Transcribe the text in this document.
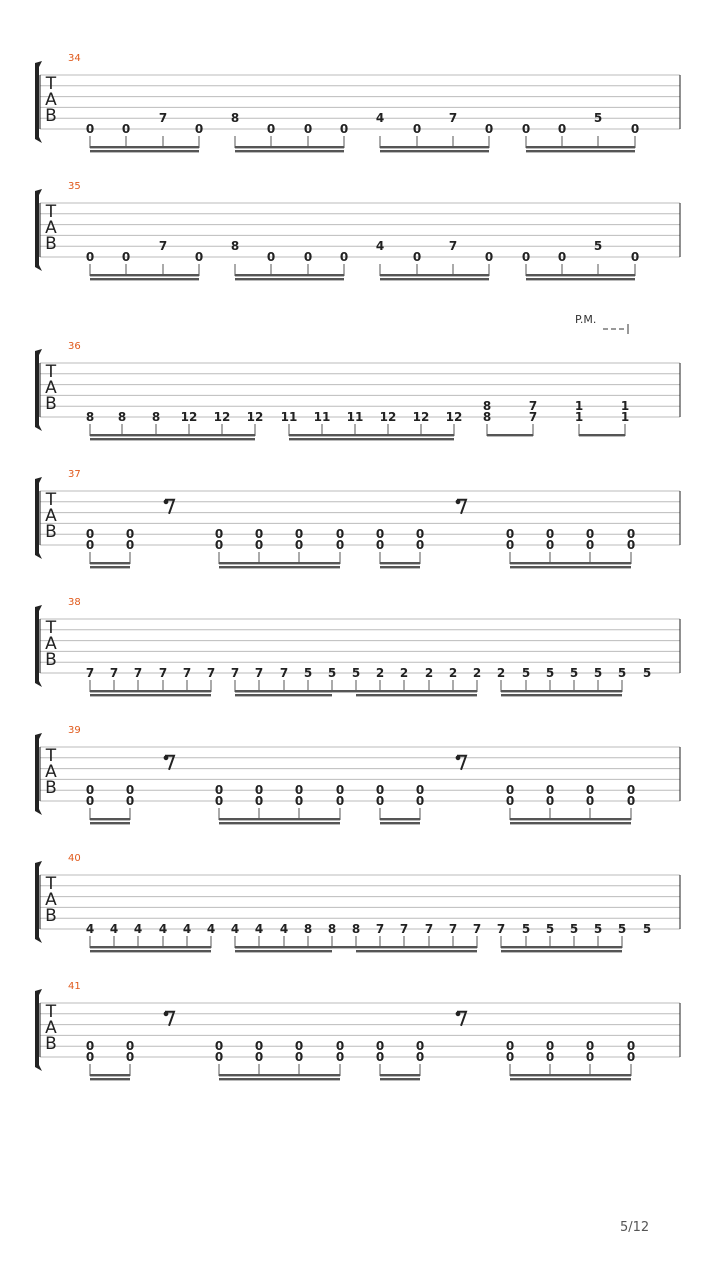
34
T
A
B
0 0
7
0
8
0 0 0
4
0
7
0 0 0
5
0
35
T
A
B
0 0
7
0
8
0 0 0
4
0
7
0 0 0
5
0
36
T
A
B
8 8 8 12 12 12 11 11 11 12 12 12
8
8
7
7
1
1
1
1
P.M.
37
T
A
B 0
0
0
0
0
0
0
0
0
0
0
0
0
0
0
0
0
0
0
0
0
0
0
0
38
T
A
B
7 7 7 7 7 7 7 7 7 5 5 5 2 2 2 2 2 2 5 5 5 5 5 5
39
T
A
B 0
0
0
0
0
0
0
0
0
0
0
0
0
0
0
0
0
0
0
0
0
0
0
0
40
T
A
B
4 4 4 4 4 4 4 4 4 8 8 8 7 7 7 7 7 7 5 5 5 5 5 5
41
T
A
B 0
0
0
0
0
0
0
0
0
0
0
0
0
0
0
0
0
0
0
0
0
0
0
0
5/12
